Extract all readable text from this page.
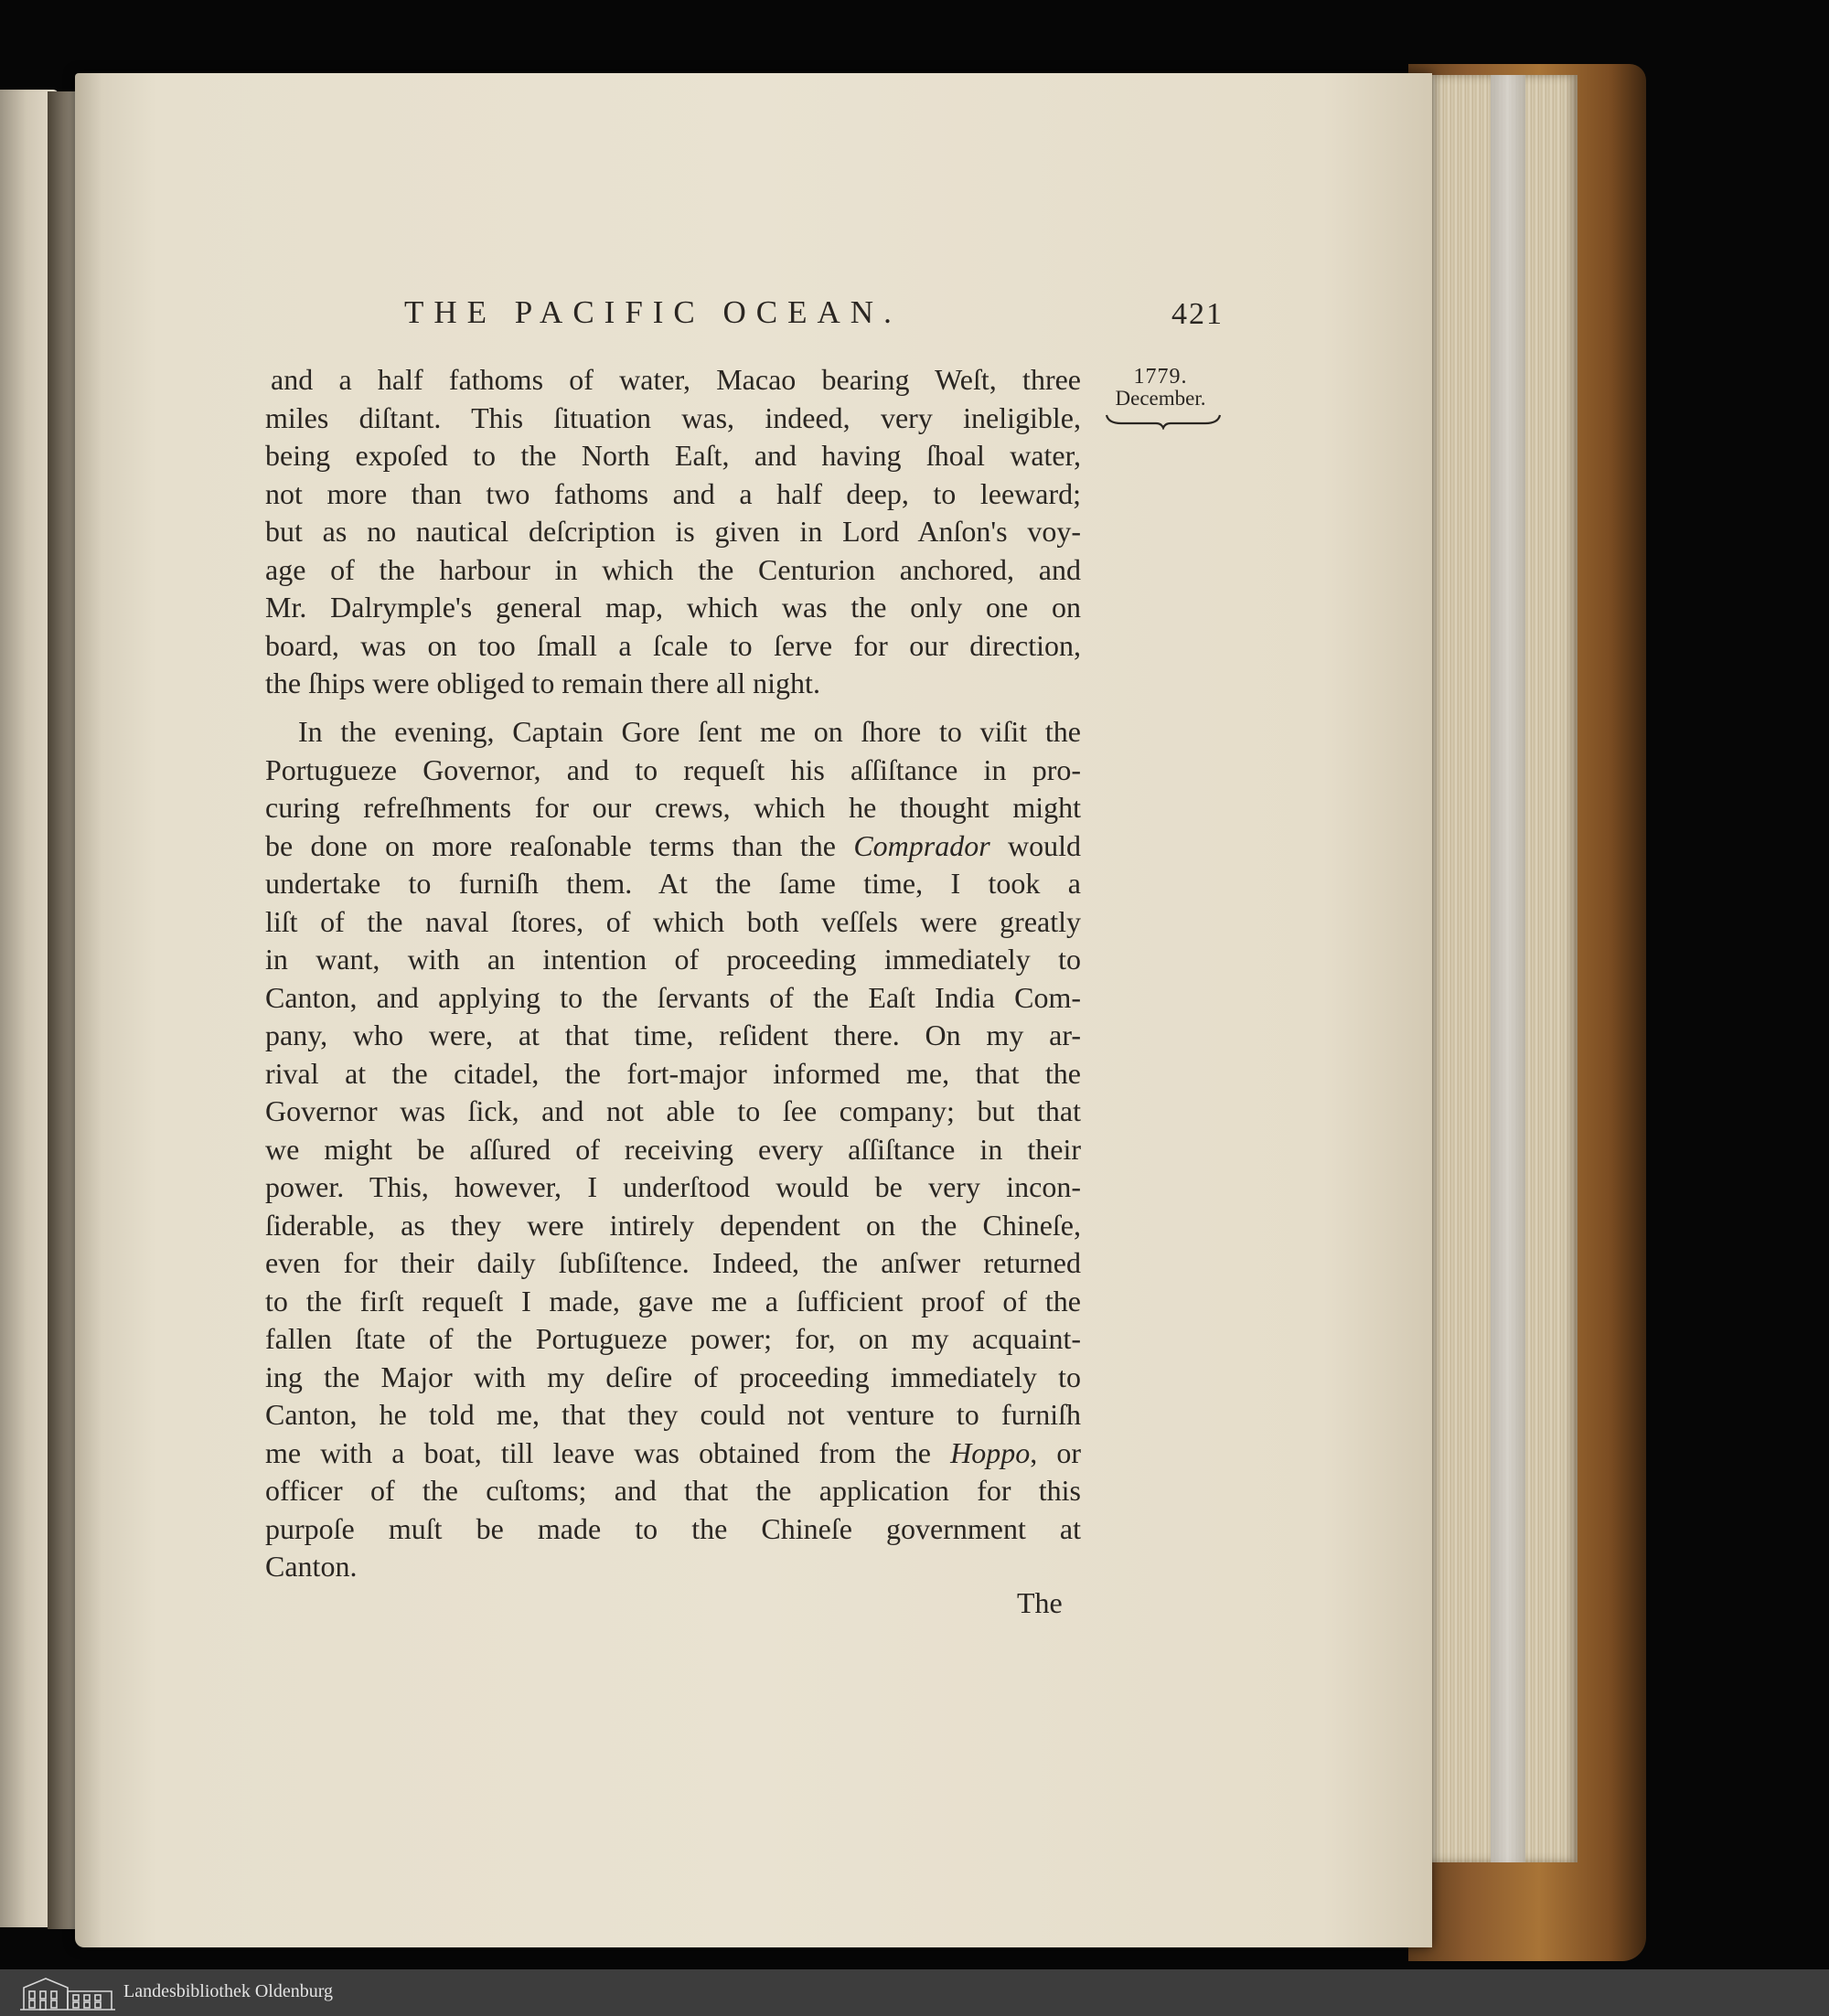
THE PACIFIC OCEAN.	421
1779.
December.
and a half fathoms of water, Macao bearing Weſt, three
miles diſtant. This ſituation was, indeed, very ineligible,
being expoſed to the North Eaſt, and having ſhoal water,
not more than two fathoms and a half deep, to leeward;
but as no nautical deſcription is given in Lord Anſon's voy-
age of the harbour in which the Centurion anchored, and
Mr. Dalrymple's general map, which was the only one on
board, was on too ſmall a ſcale to ſerve for our direction,
the ſhips were obliged to remain there all night.
In the evening, Captain Gore ſent me on ſhore to viſit the
Portugueze Governor, and to requeſt his aſſiſtance in pro-
curing refreſhments for our crews, which he thought might
be done on more reaſonable terms than the Comprador would
undertake to furniſh them. At the ſame time, I took a
liſt of the naval ſtores, of which both veſſels were greatly
in want, with an intention of proceeding immediately to
Canton, and applying to the ſervants of the Eaſt India Com-
pany, who were, at that time, reſident there. On my ar-
rival at the citadel, the fort-major informed me, that the
Governor was ſick, and not able to ſee company; but that
we might be aſſured of receiving every aſſiſtance in their
power. This, however, I underſtood would be very incon-
ſiderable, as they were intirely dependent on the Chineſe,
even for their daily ſubſiſtence. Indeed, the anſwer returned
to the firſt requeſt I made, gave me a ſufficient proof of the
fallen ſtate of the Portugueze power; for, on my acquaint-
ing the Major with my deſire of proceeding immediately to
Canton, he told me, that they could not venture to furniſh
me with a boat, till leave was obtained from the Hoppo, or
officer of the cuſtoms; and that the application for this
purpoſe muſt be made to the Chineſe government at
Canton.
The
Landesbibliothek Oldenburg
